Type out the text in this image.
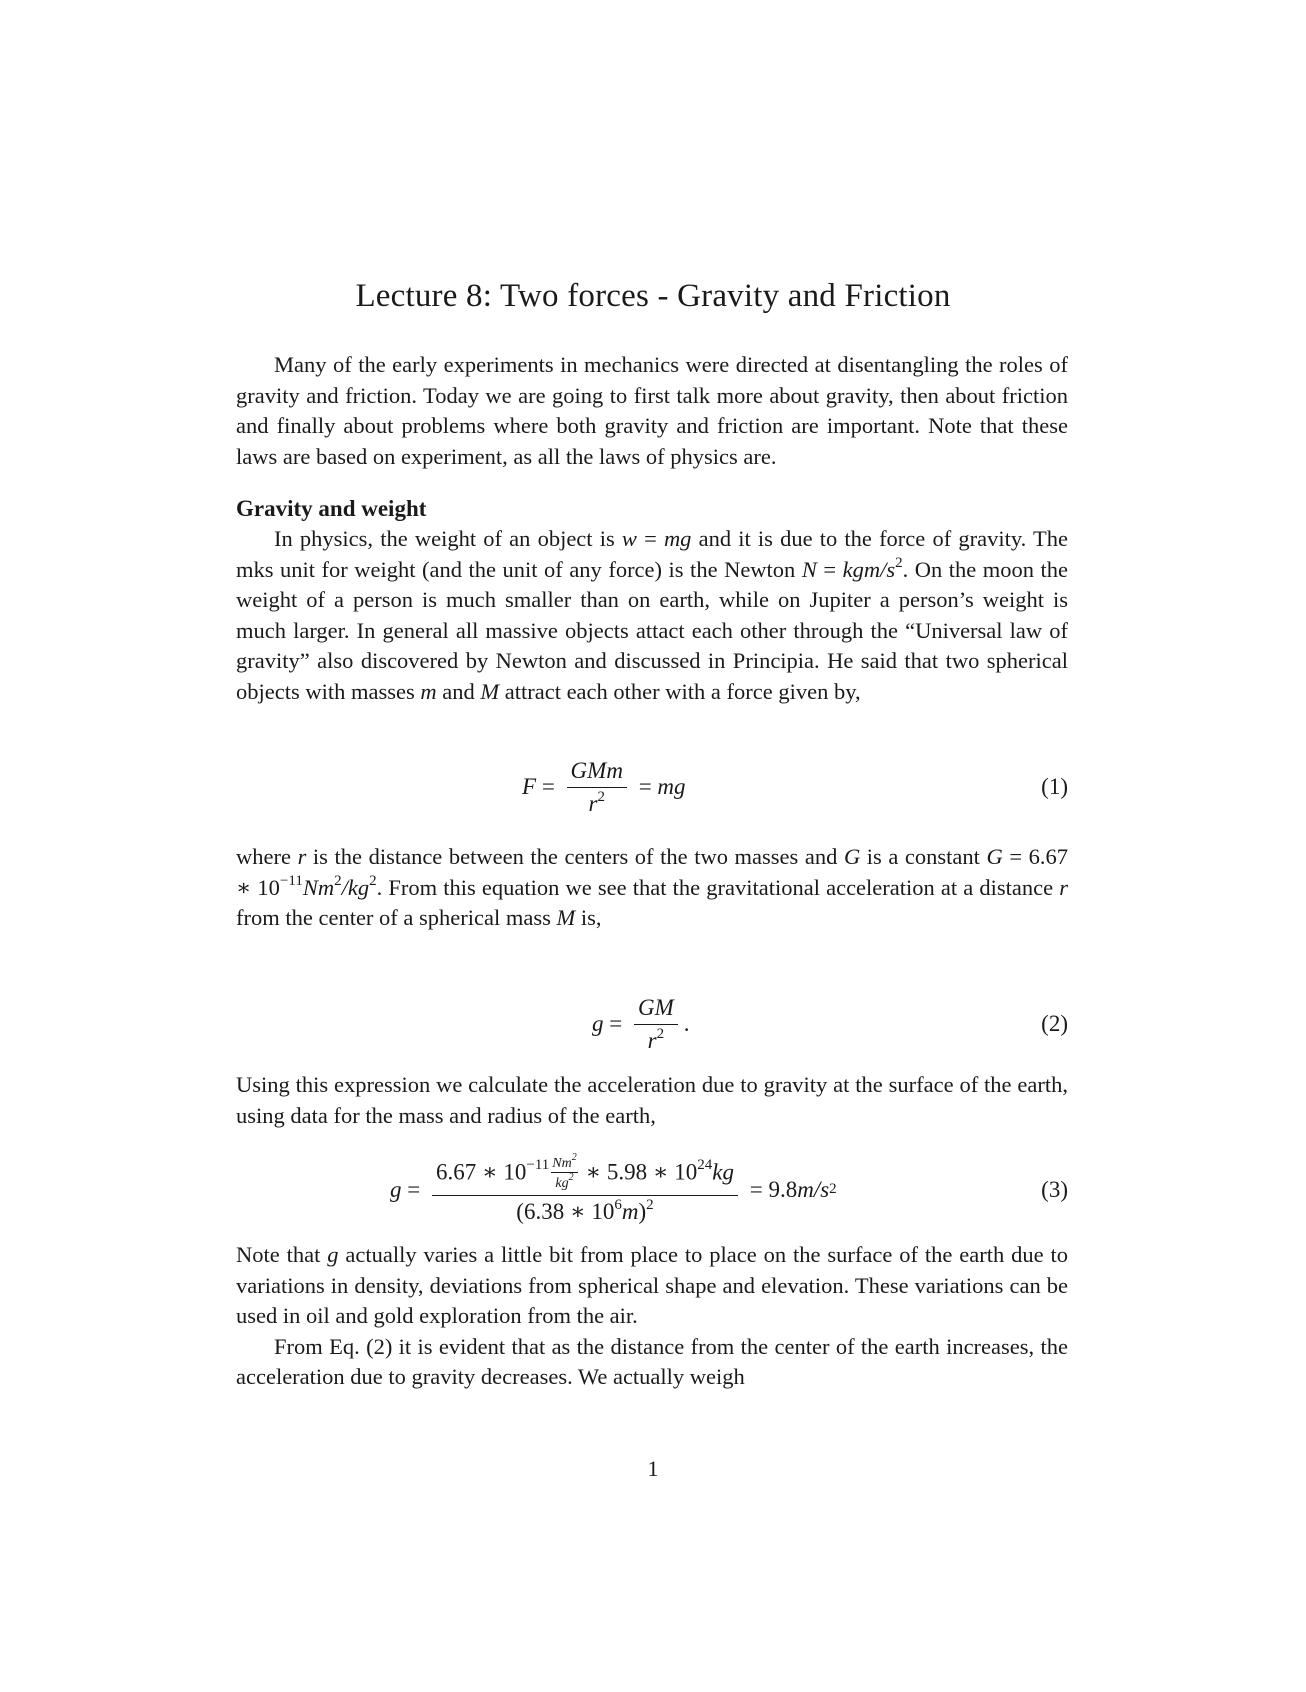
Lecture 8: Two forces - Gravity and Friction

Many of the early experiments in mechanics were directed at disentangling the roles of gravity and friction. Today we are going to first talk more about gravity, then about friction and finally about problems where both gravity and friction are important. Note that these laws are based on experiment, as all the laws of physics are.

Gravity and weight

In physics, the weight of an object is w = mg and it is due to the force of gravity. The mks unit for weight (and the unit of any force) is the Newton N = kgm/$s^2$. On the moon the weight of a person is much smaller than on earth, while on Jupiter a person’s weight is much larger. In general all massive objects attact each other through the “Universal law of gravity” also discovered by Newton and discussed in Principia. He said that two spherical objects with masses m and M attract each other with a force given by,

$F = \frac{\text{GMm}}{r^2}$ = mg	(1)

where r is the distance between the centers of the two masses and G is a constant G = 6.67 ∗ $10^{-11}Nm^2/kg^2$. From this equation we see that the gravitational acceleration at a distance r from the center of a spherical mass M is,

$g = \frac{GM}{r^2}$ .	(2)

Using this expression we calculate the acceleration due to gravity at the surface of the earth, using data for the mass and radius of the earth,

$g = \frac{6.67 ∗ 10^{-11} \frac{Nm^2}{kg^2} ∗ 5.98 ∗ 10^{24}kg}{(6.38 ∗ 10^6m)^2} = 9.8$ $m/s^2$	(3)

Note that g actually varies a little bit from place to place on the surface of the earth due to variations in density, deviations from spherical shape and elevation. These variations can be used in oil and gold exploration from the air.

From Eq. (2) it is evident that as the distance from the center of the earth increases, the acceleration due to gravity decreases. We actually weigh

1
